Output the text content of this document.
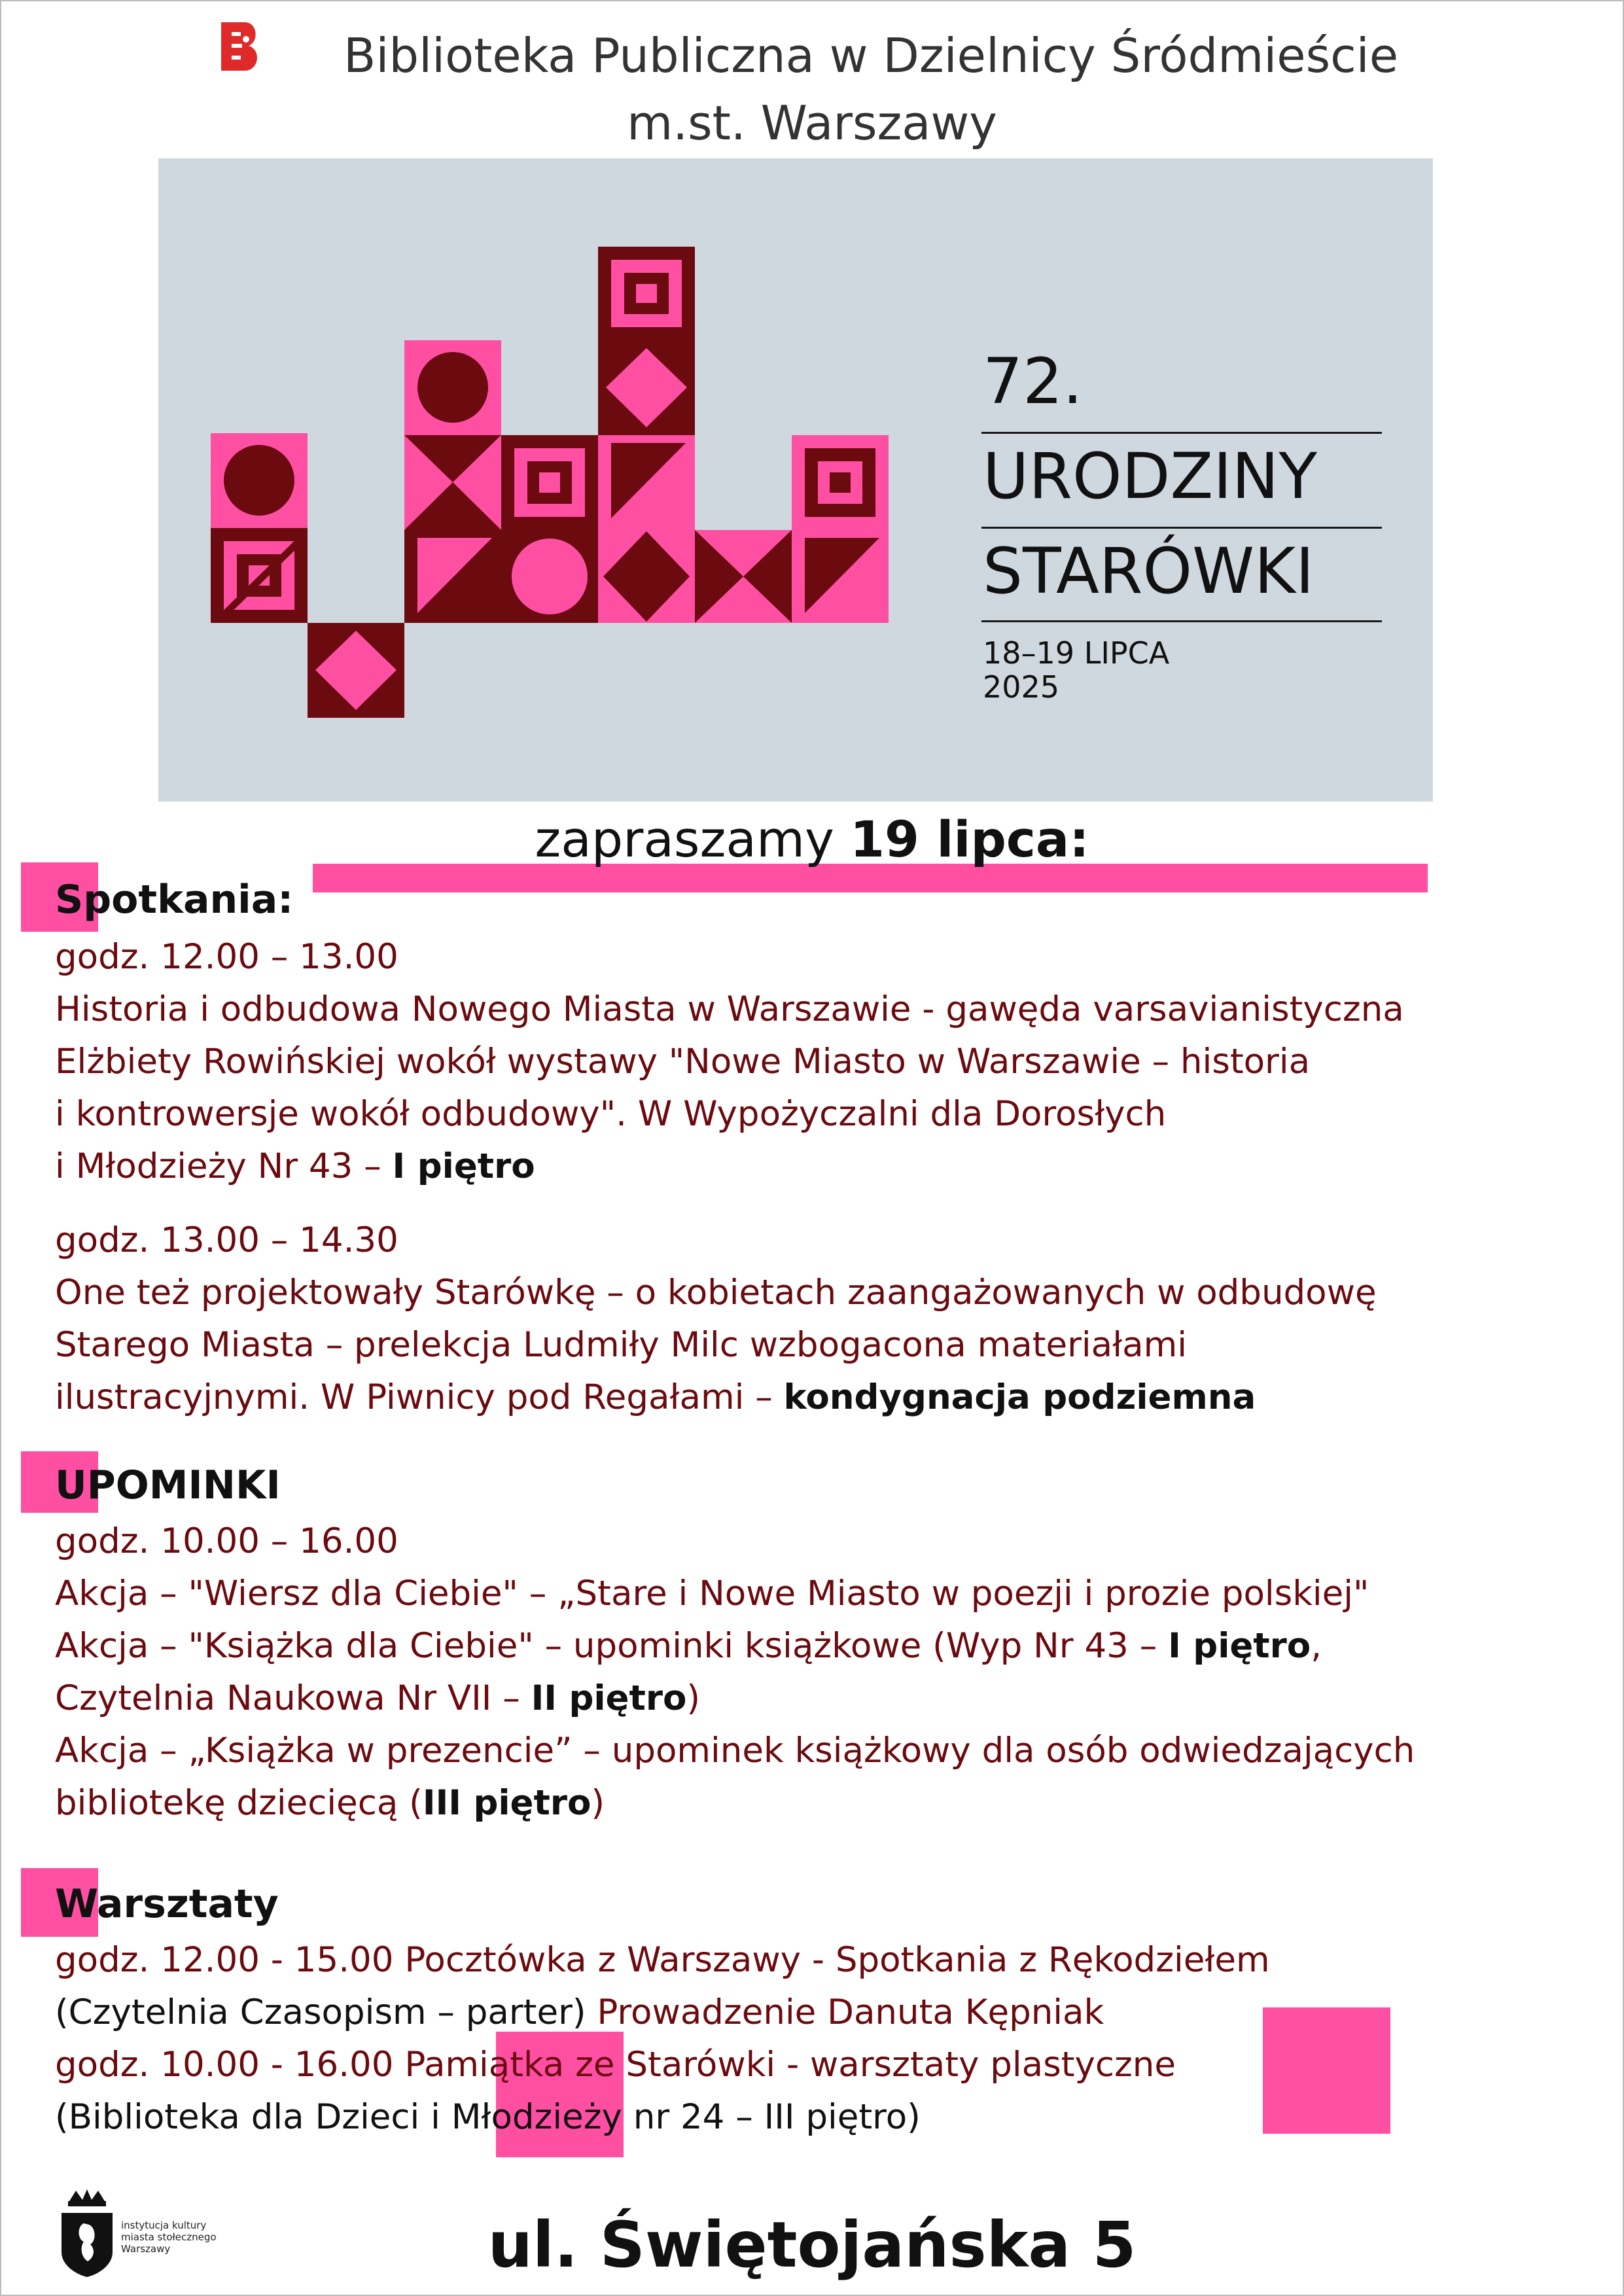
Biblioteka Publiczna w Dzielnicy Śródmieście
m.st. Warszawy
72.
URODZINY
STARÓWKI
18–19 LIPCA
2025
zapraszamy 19 lipca:
Spotkania:
godz. 12.00 – 13.00
Historia i odbudowa Nowego Miasta w Warszawie - gawęda varsavianistyczna
Elżbiety Rowińskiej wokół wystawy "Nowe Miasto w Warszawie – historia
i kontrowersje wokół odbudowy". W Wypożyczalni dla Dorosłych
i Młodzieży Nr 43 – I piętro
godz. 13.00 – 14.30
One też projektowały Starówkę – o kobietach zaangażowanych w odbudowę
Starego Miasta – prelekcja Ludmiły Milc wzbogacona materiałami
ilustracyjnymi. W Piwnicy pod Regałami – kondygnacja podziemna
UPOMINKI
godz. 10.00 – 16.00
Akcja – "Wiersz dla Ciebie" – „Stare i Nowe Miasto w poezji i prozie polskiej"
Akcja – "Książka dla Ciebie" – upominki książkowe (Wyp Nr 43 – I piętro,
Czytelnia Naukowa Nr VII – II piętro)
Akcja – „Książka w prezencie” – upominek książkowy dla osób odwiedzających
bibliotekę dziecięcą (III piętro)
Warsztaty
godz. 12.00 - 15.00 Pocztówka z Warszawy - Spotkania z Rękodziełem
(Czytelnia Czasopism – parter) Prowadzenie Danuta Kępniak
godz. 10.00 - 16.00 Pamiątka ze Starówki - warsztaty plastyczne
(Biblioteka dla Dzieci i Młodzieży nr 24 – III piętro)
instytucja kultury miasta stołecznego Warszawy	ul. Świętojańska 5
